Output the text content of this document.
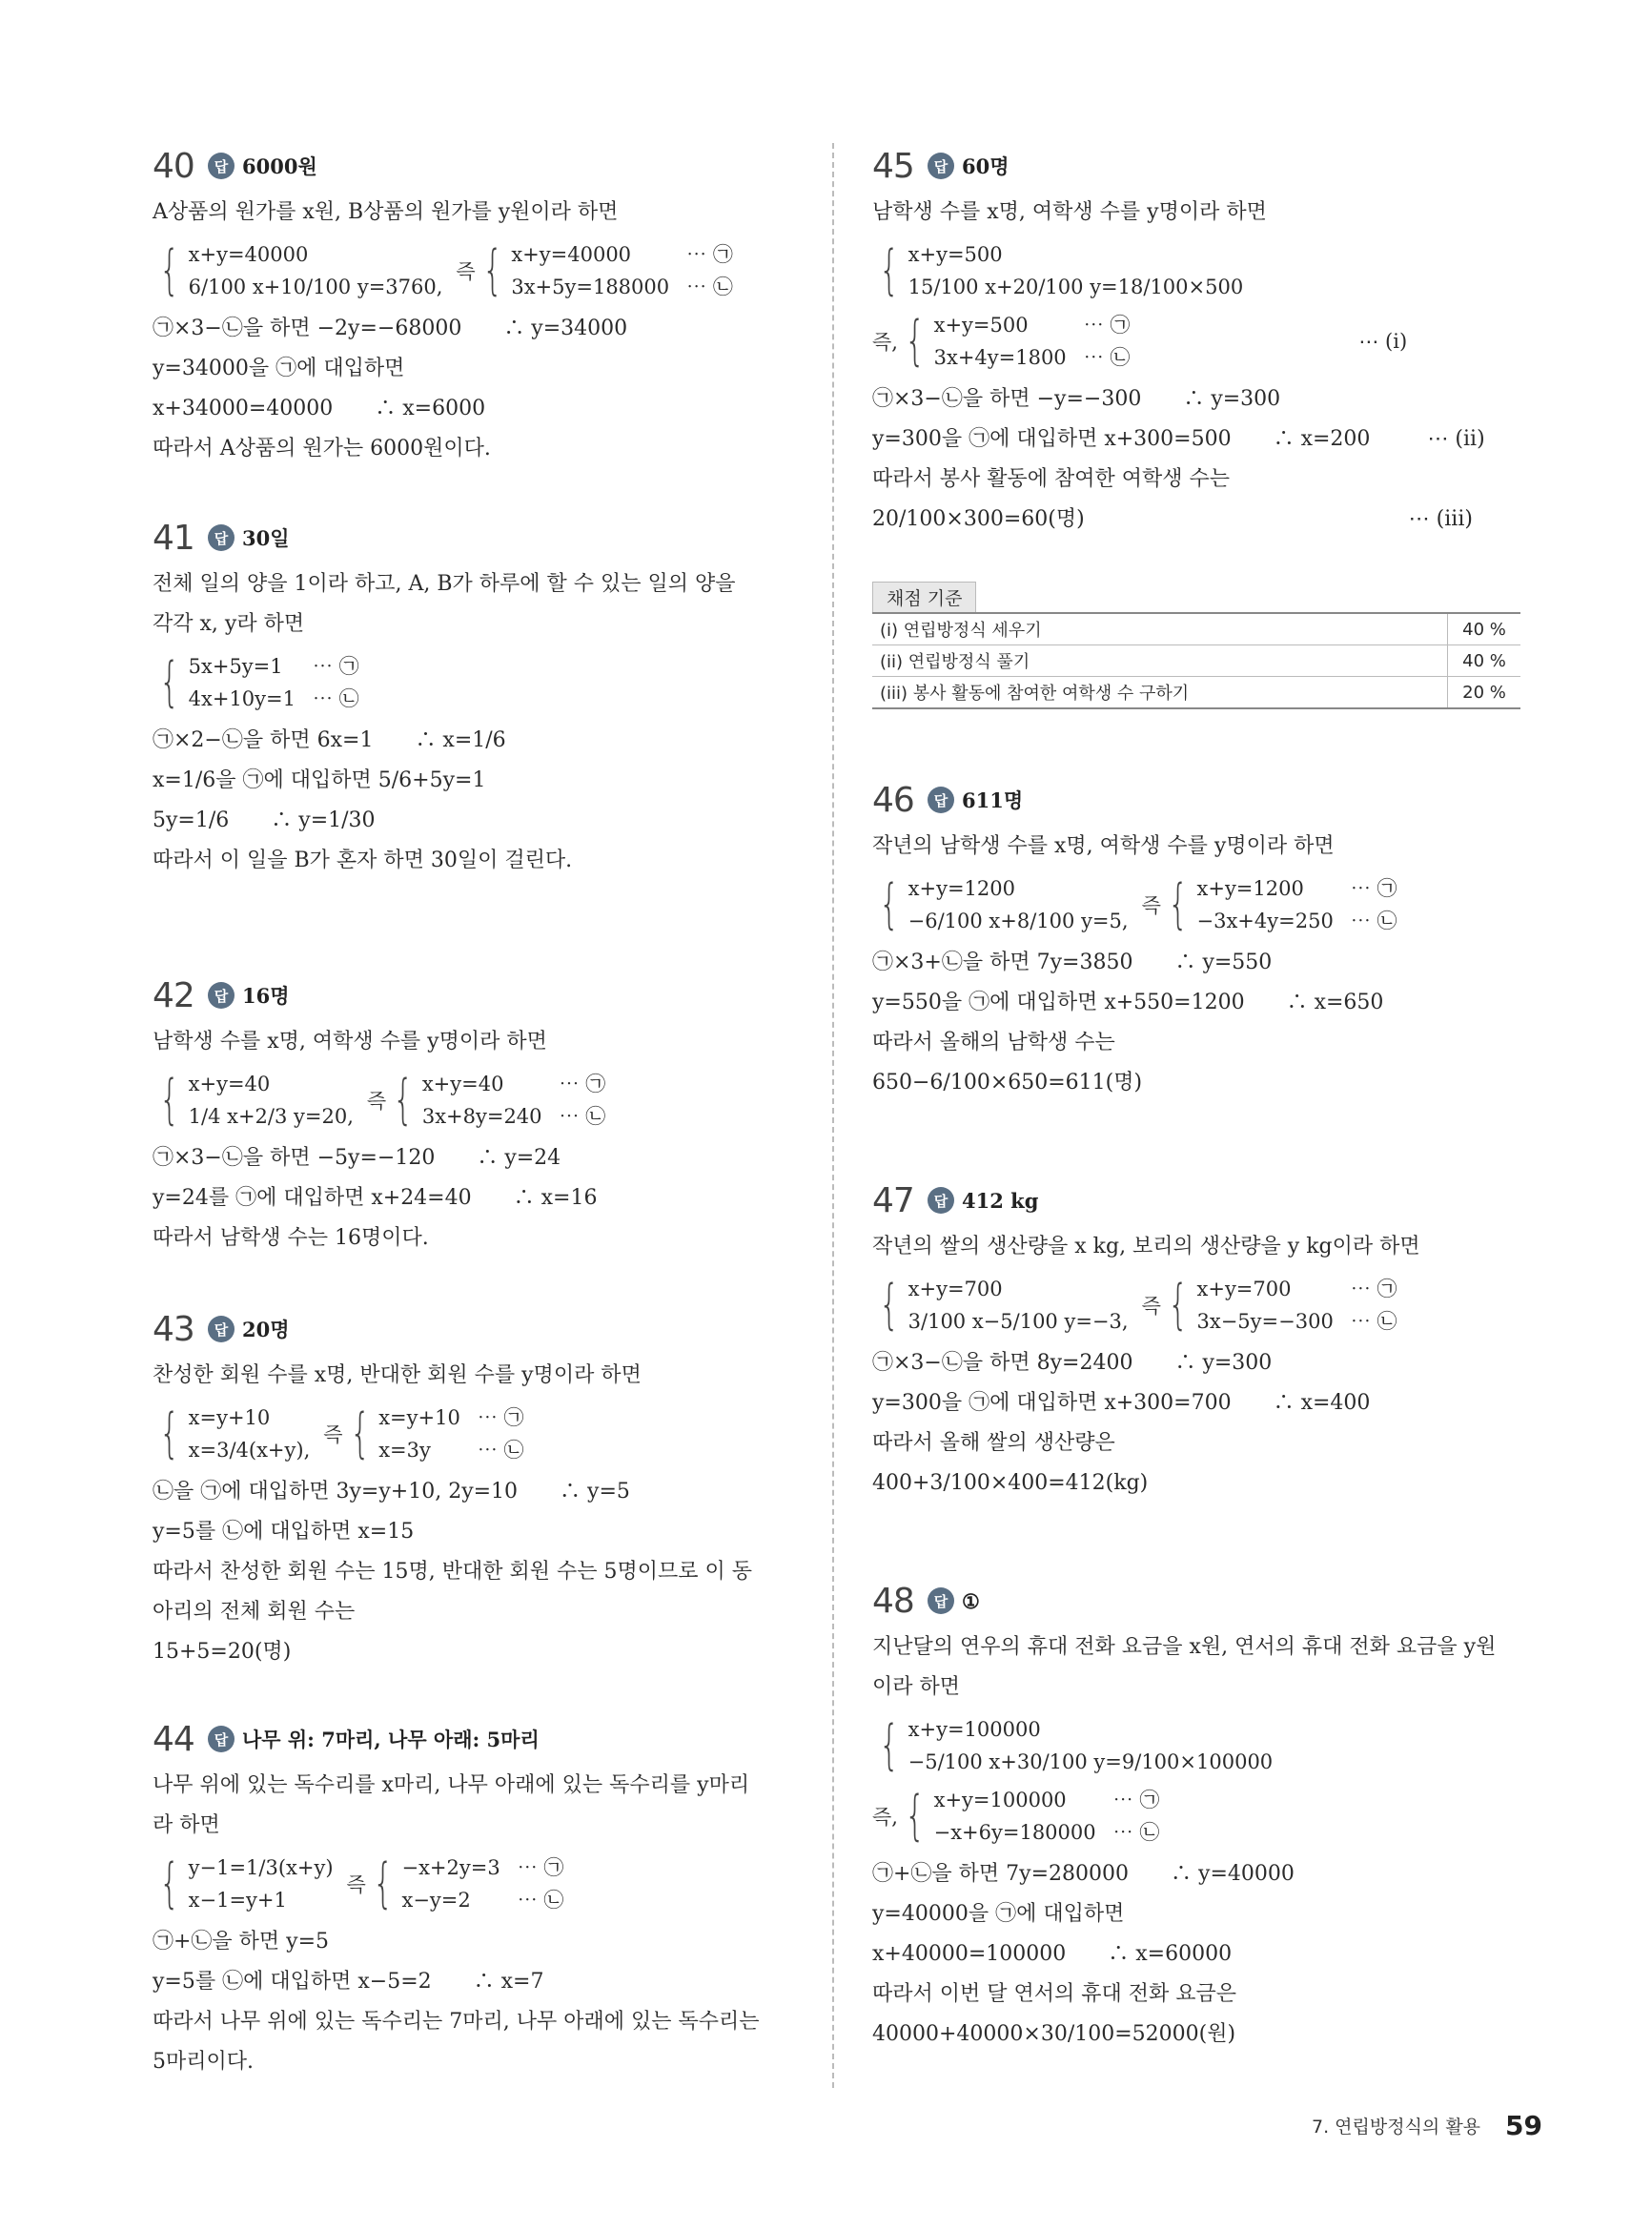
40	답 6000원
A상품의 원가를 x원, B상품의 원가를 y원이라 하면
{ x+y=40000
6/100 x+10/100 y=3760,
즉 { x+y=40000
3x+5y=188000
⋯ ㉠
⋯ ㉡
㉠×3−㉡을 하면 −2y=−68000　　∴ y=34000
y=34000을 ㉠에 대입하면
x+34000=40000　　∴ x=6000
따라서 A상품의 원가는 6000원이다.
41	답 30일
전체 일의 양을 1이라 하고, A, B가 하루에 할 수 있는 일의 양을
각각 x, y라 하면
{ 5x+5y=1
4x+10y=1
⋯ ㉠
⋯ ㉡
㉠×2−㉡을 하면 6x=1　　∴ x=1/6
x=1/6을 ㉠에 대입하면 5/6+5y=1
5y=1/6　　∴ y=1/30
따라서 이 일을 B가 혼자 하면 30일이 걸린다.
42	답 16명
남학생 수를 x명, 여학생 수를 y명이라 하면
{ x+y=40
1/4 x+2/3 y=20,
즉 { x+y=40
3x+8y=240
⋯ ㉠
⋯ ㉡
㉠×3−㉡을 하면 −5y=−120　　∴ y=24
y=24를 ㉠에 대입하면 x+24=40　　∴ x=16
따라서 남학생 수는 16명이다.
43	답 20명
찬성한 회원 수를 x명, 반대한 회원 수를 y명이라 하면
{ x=y+10
x=3/4(x+y),
즉 { x=y+10
x=3y
⋯ ㉠
⋯ ㉡
㉡을 ㉠에 대입하면 3y=y+10, 2y=10　　∴ y=5
y=5를 ㉡에 대입하면 x=15
따라서 찬성한 회원 수는 15명, 반대한 회원 수는 5명이므로 이 동
아리의 전체 회원 수는
15+5=20(명)
44	답 나무 위: 7마리, 나무 아래: 5마리
나무 위에 있는 독수리를 x마리, 나무 아래에 있는 독수리를 y마리
라 하면
{ y−1=1/3(x+y)
x−1=y+1
즉 { −x+2y=3
x−y=2
⋯ ㉠
⋯ ㉡
㉠+㉡을 하면 y=5
y=5를 ㉡에 대입하면 x−5=2　　∴ x=7
따라서 나무 위에 있는 독수리는 7마리, 나무 아래에 있는 독수리는
5마리이다.
45	답 60명
남학생 수를 x명, 여학생 수를 y명이라 하면
{ x+y=500
15/100 x+20/100 y=18/100×500
즉, { x+y=500
3x+4y=1800
⋯ ㉠
⋯ ㉡
⋯ (i)
㉠×3−㉡을 하면 −y=−300　　∴ y=300
y=300을 ㉠에 대입하면 x+300=500　　∴ x=200	⋯ (ii)
따라서 봉사 활동에 참여한 여학생 수는
20/100×300=60(명)	⋯ (iii)
채점 기준
(i) 연립방정식 세우기	40 %
(ii) 연립방정식 풀기	40 %
(iii) 봉사 활동에 참여한 여학생 수 구하기	20 %
46	답 611명
작년의 남학생 수를 x명, 여학생 수를 y명이라 하면
{ x+y=1200
−6/100 x+8/100 y=5,
즉 { x+y=1200
−3x+4y=250
⋯ ㉠
⋯ ㉡
㉠×3+㉡을 하면 7y=3850　　∴ y=550
y=550을 ㉠에 대입하면 x+550=1200　　∴ x=650
따라서 올해의 남학생 수는
650−6/100×650=611(명)
47	답 412 kg
작년의 쌀의 생산량을 x kg, 보리의 생산량을 y kg이라 하면
{ x+y=700
3/100 x−5/100 y=−3,
즉 { x+y=700
3x−5y=−300
⋯ ㉠
⋯ ㉡
㉠×3−㉡을 하면 8y=2400　　∴ y=300
y=300을 ㉠에 대입하면 x+300=700　　∴ x=400
따라서 올해 쌀의 생산량은
400+3/100×400=412(kg)
48	답 ①
지난달의 연우의 휴대 전화 요금을 x원, 연서의 휴대 전화 요금을 y원
이라 하면
{ x+y=100000
−5/100 x+30/100 y=9/100×100000
즉, { x+y=100000
−x+6y=180000
⋯ ㉠
⋯ ㉡
㉠+㉡을 하면 7y=280000　　∴ y=40000
y=40000을 ㉠에 대입하면
x+40000=100000　　∴ x=60000
따라서 이번 달 연서의 휴대 전화 요금은
40000+40000×30/100=52000(원)
7. 연립방정식의 활용 59
